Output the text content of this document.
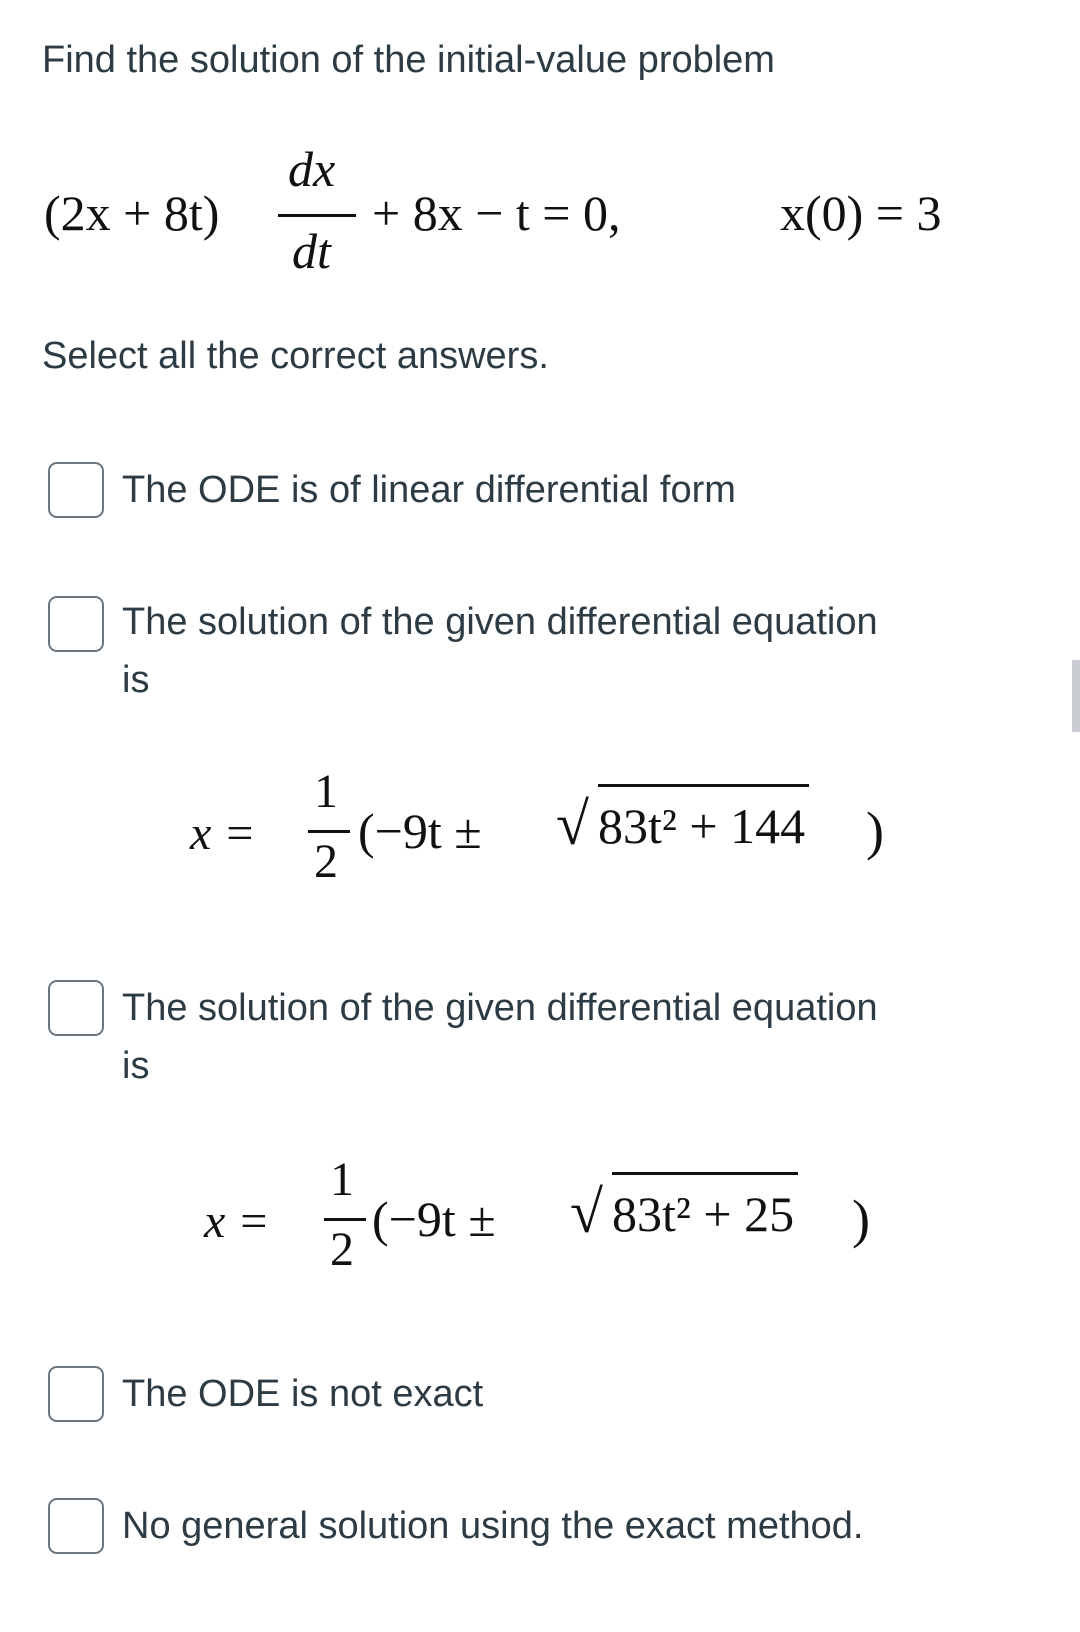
Find the solution of the initial-value problem
(2x + 8t)
dx
dt
+ 8x − t = 0,	x(0) = 3
Select all the correct answers.
The ODE is of linear differential form
The solution of the given differential equation
is
x =
1
2
(−9t ± √ 83t² + 144 )
The solution of the given differential equation
is
x =
1
2
(−9t ± √ 83t² + 25 )
The ODE is not exact
No general solution using the exact method.
